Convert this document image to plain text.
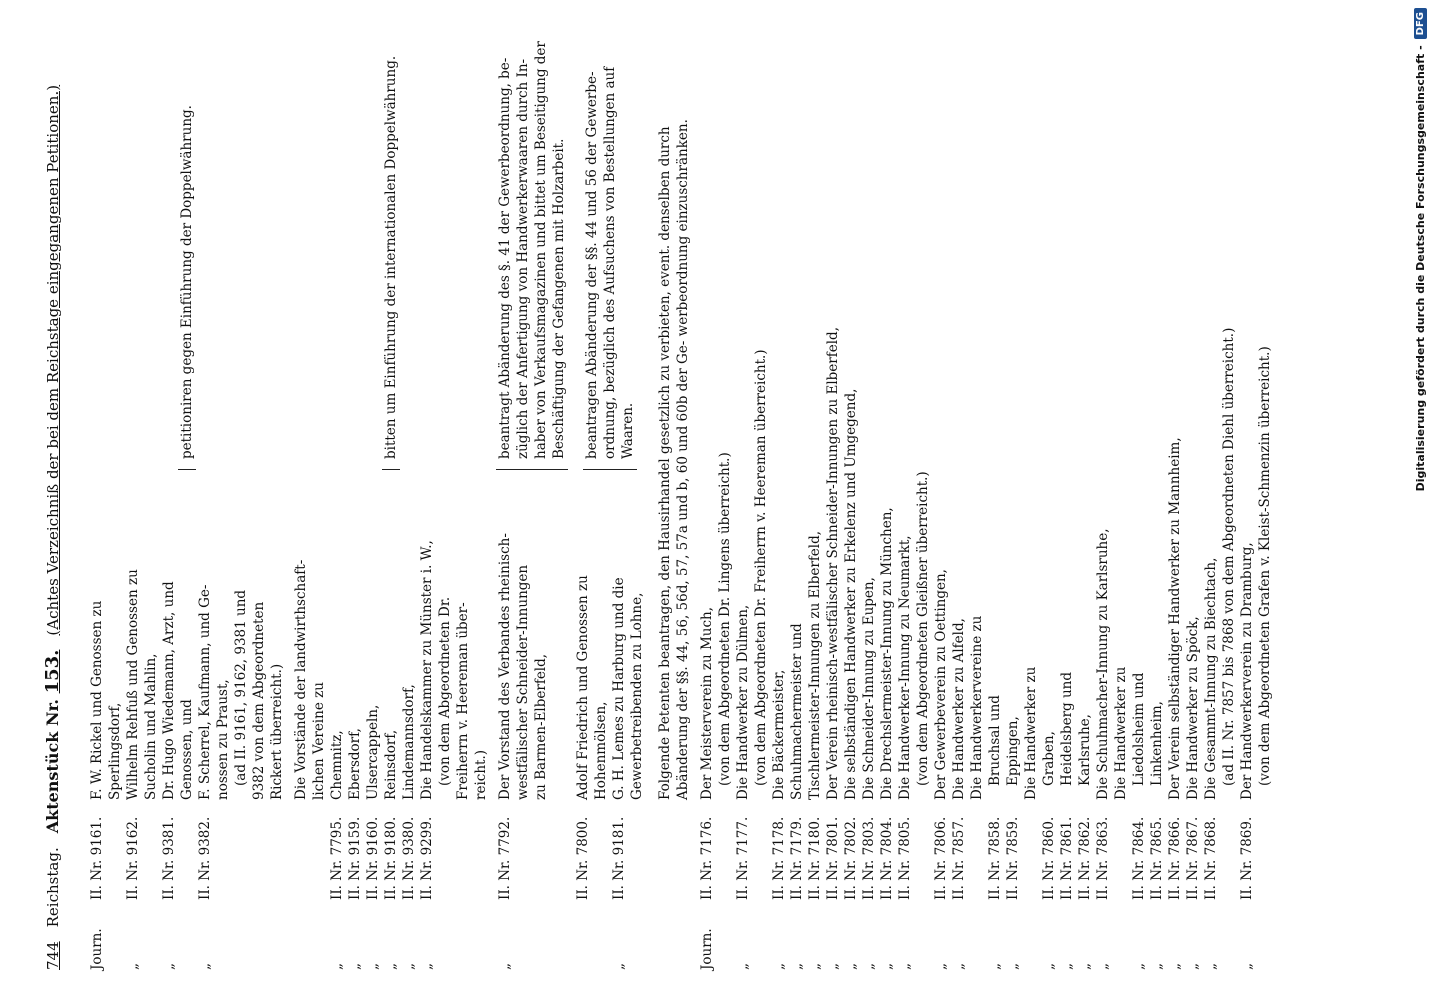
744
Reichstag.
Aktenstück Nr. 153.
(Achtes Verzeichniß der bei dem Reichstage eingegangenen Petitionen.)
Journ.
II. Nr. 9161.
F. W. Rickel und Genossen zu Sperlingsdorf,
„
II. Nr. 9162.
Wilhelm Rehfuß und Genossen zu Sucholin und Mahlin,
„
II. Nr. 9381.
Dr. Hugo Wiedemann, Arzt, und Genossen, und
„
II. Nr. 9382.
F. Scherrel, Kaufmann, und Ge- nossen zu Praust, (ad II. 9161, 9162, 9381 und 9382 von dem Abgeordneten Rickert überreicht.)
petitioniren gegen Einführung der Doppelwährung.
Die Vorstände der landwirthschaft- lichen Vereine zu
„
II. Nr. 7795.
Chemnitz,
„
II. Nr. 9159.
Ebersdorf,
„
II. Nr. 9160.
Ulsercappeln,
„
II. Nr. 9180.
Reinsdorf,
„
II. Nr. 9380.
Lindemannsdorf,
„
II. Nr. 9299.
Die Handelskammer zu Münster i. W., (von dem Abgeordneten Dr. Freiherrn v. Heereman über- reicht.)
bitten um Einführung der internationalen Doppelwährung.
„
II. Nr. 7792.
Der Vorstand des Verbandes rheinisch- westfälischer Schneider-Innungen zu Barmen-Elberfeld,
beantragt Abänderung des §. 41 der Gewerbeordnung, be- züglich der Anfertigung von Handwerkerwaaren durch In- haber von Verkaufsmagazinen und bittet um Beseitigung der Beschäftigung der Gefangenen mit Holzarbeit.
II. Nr. 7800.
Adolf Friedrich und Genossen zu Hohenmölsen,
„
II. Nr. 9181.
G. H. Lemes zu Harburg und die Gewerbetreibenden zu Lohne,
beantragen Abänderung der §§. 44 und 56 der Gewerbe- ordnung, bezüglich des Aufsuchens von Bestellungen auf Waaren. Folgende Petenten beantragen, den Hausirhandel gesetzlich zu verbieten, event. denselben durch Abänderung der §§. 44, 56, 56d, 57, 57a und b, 60 und 60b der Ge- werbeordnung einzuschränken.
Journ.
II. Nr. 7176.
Der Meisterverein zu Much, (von dem Abgeordneten Dr. Lingens überreicht.)
„
II. Nr. 7177.
Die Handwerker zu Dülmen, (von dem Abgeordneten Dr. Freiherrn v. Heereman überreicht.)
„
II. Nr. 7178.
Die Bäckermeister,
„
II. Nr. 7179.
Schuhmachermeister und
„
II. Nr. 7180.
Tischlermeister-Innungen zu Elberfeld,
„
II. Nr. 7801.
Der Verein rheinisch-westfälischer Schneider-Innungen zu Elberfeld,
„
II. Nr. 7802.
Die selbständigen Handwerker zu Erkelenz und Umgegend,
„
II. Nr. 7803.
Die Schneider-Innung zu Eupen,
„
II. Nr. 7804.
Die Drechslermeister-Innung zu München,
„
II. Nr. 7805.
Die Handwerker-Innung zu Neumarkt, (von dem Abgeordneten Gleißner überreicht.)
„
II. Nr. 7806.
Der Gewerbeverein zu Oettingen,
„
II. Nr. 7857.
Die Handwerker zu Alfeld, Die Handwerkervereine zu
„
II. Nr. 7858.
Bruchsal und
„
II. Nr. 7859.
Eppingen, Die Handwerker zu
„
II. Nr. 7860.
Graben,
„
II. Nr. 7861.
Heidelsberg und
„
II. Nr. 7862.
Karlsruhe,
„
II. Nr. 7863.
Die Schuhmacher-Innung zu Karlsruhe, Die Handwerker zu
„
II. Nr. 7864.
Liedolsheim und
„
II. Nr. 7865.
Linkenheim,
„
II. Nr. 7866.
Der Verein selbständiger Handwerker zu Mannheim,
„
II. Nr. 7867.
Die Handwerker zu Spöck,
„
II. Nr. 7868.
Die Gesammt-Innung zu Biechtach, (ad II. Nr. 7857 bis 7868 von dem Abgeordneten Diehl überreicht.)
„
II. Nr. 7869.
Der Handwerkerverein zu Dramburg, (von dem Abgeordneten Grafen v. Kleist-Schmenzin überreicht.)
Digitalisierung gefördert durch die Deutsche Forschungsgemeinschaft -
DFG
